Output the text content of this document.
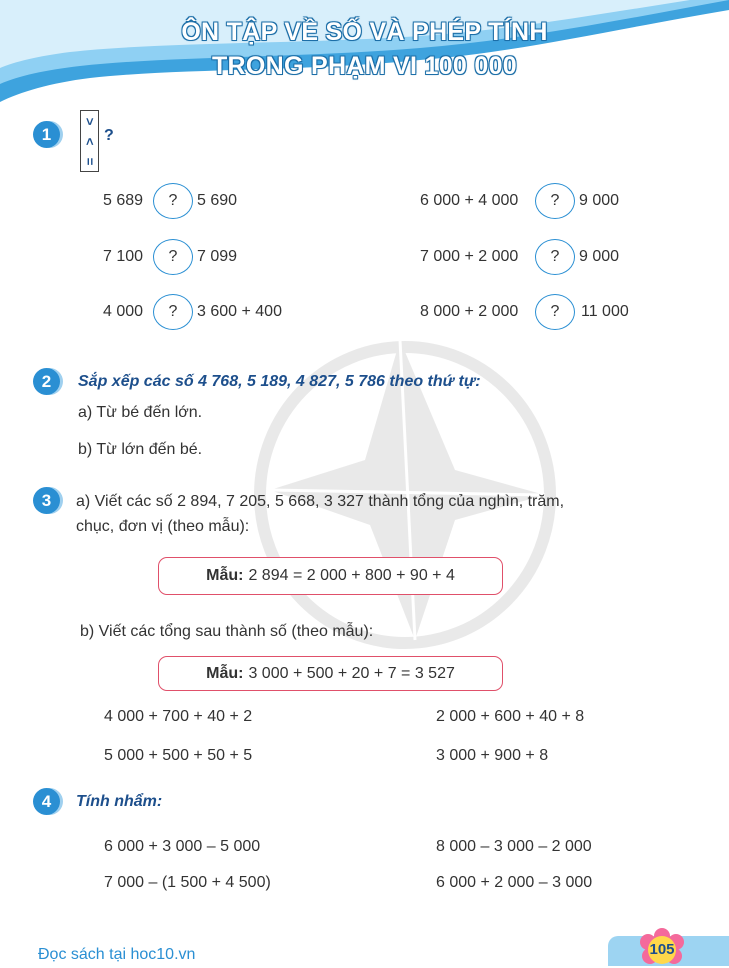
ÔN TẬP VỀ SỐ VÀ PHÉP TÍNH
TRONG PHẠM VI 100 000
1
>
<
=
?
5 689	?	5 690
7 100	?	7 099
4 000	?	3 600 + 400
6 000 + 4 000	?	9 000
7 000 + 2 000	?	9 000
8 000 + 2 000	?	11 000
2	Sắp xếp các số 4 768, 5 189, 4 827, 5 786 theo thứ tự:
a) Từ bé đến lớn.
b) Từ lớn đến bé.
3	a) Viết các số 2 894, 7 205, 5 668, 3 327 thành tổng của nghìn, trăm,
chục, đơn vị (theo mẫu):
Mẫu: 2 894 = 2 000 + 800 + 90 + 4
b) Viết các tổng sau thành số (theo mẫu):
Mẫu: 3 000 + 500 + 20 + 7 = 3 527
4 000 + 700 + 40 + 2
5 000 + 500 + 50 + 5
2 000 + 600 + 40 + 8
3 000 + 900 + 8
4	Tính nhẩm:
6 000 + 3 000 – 5 000
7 000 – (1 500 + 4 500)
8 000 – 3 000 – 2 000
6 000 + 2 000 – 3 000
Đọc sách tại hoc10.vn	105
